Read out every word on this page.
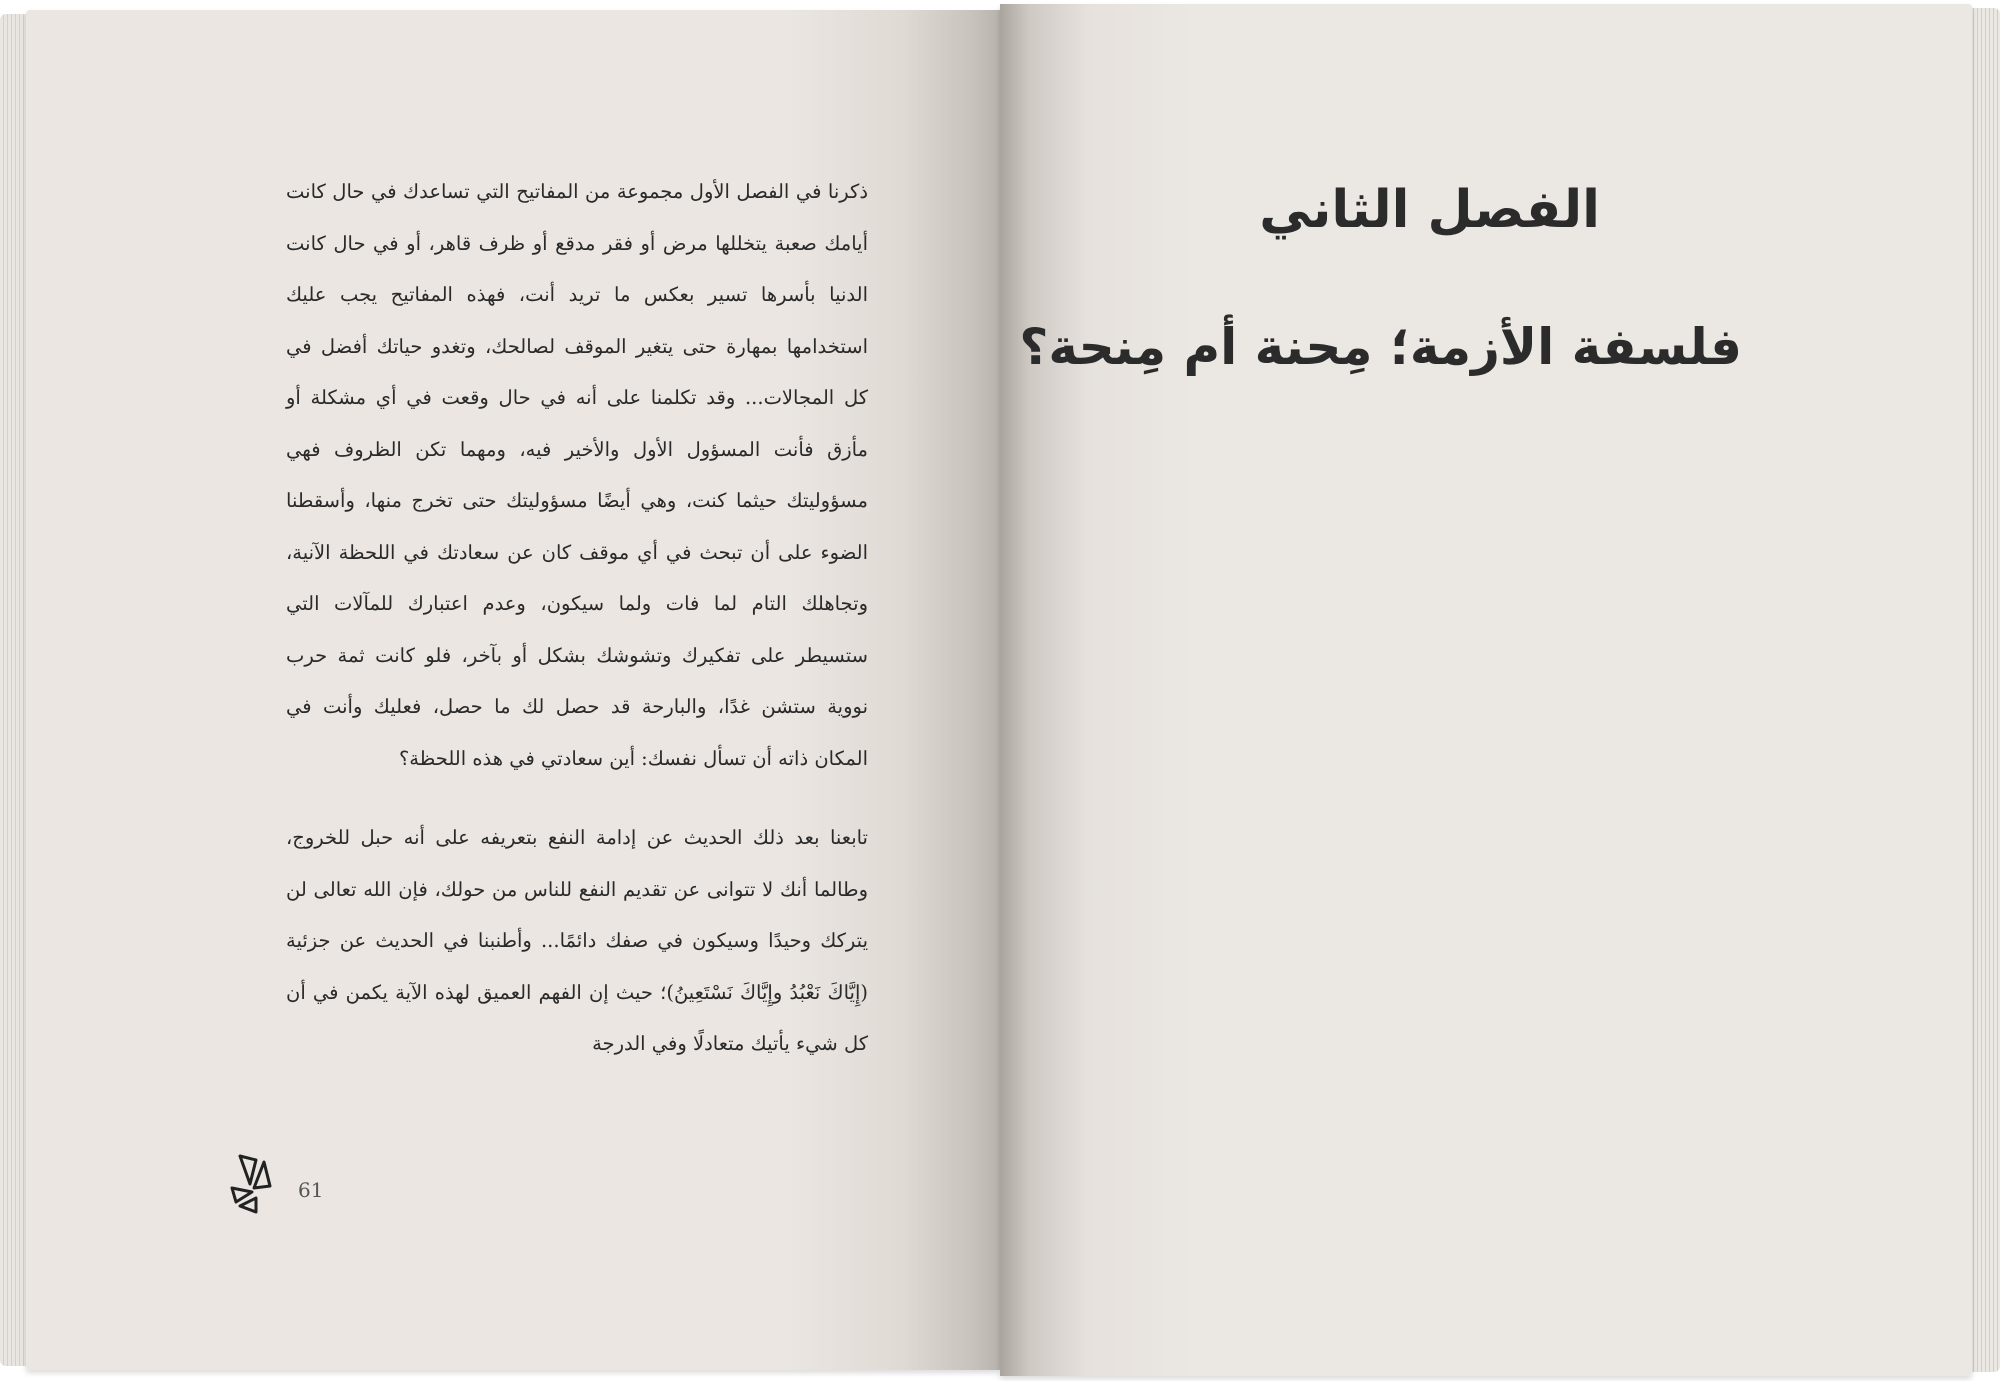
ذكرنا في الفصل الأول مجموعة من المفاتيح التي تساعدك في حال كانت أيامك صعبة يتخللها مرض أو فقر مدقع أو ظرف قاهر، أو في حال كانت الدنيا بأسرها تسير بعكس ما تريد أنت، فهذه المفاتيح يجب عليك استخدامها بمهارة حتى يتغير الموقف لصالحك، وتغدو حياتك أفضل في كل المجالات... وقد تكلمنا على أنه في حال وقعت في أي مشكلة أو مأزق فأنت المسؤول الأول والأخير فيه، ومهما تكن الظروف فهي مسؤوليتك حيثما كنت، وهي أيضًا مسؤوليتك حتى تخرج منها، وأسقطنا الضوء على أن تبحث في أي موقف كان عن سعادتك في اللحظة الآنية، وتجاهلك التام لما فات ولما سيكون، وعدم اعتبارك للمآلات التي ستسيطر على تفكيرك وتشوشك بشكل أو بآخر، فلو كانت ثمة حرب نووية ستشن غدًا، والبارحة قد حصل لك ما حصل، فعليك وأنت في المكان ذاته أن تسأل نفسك: أين سعادتي في هذه اللحظة؟

تابعنا بعد ذلك الحديث عن إدامة النفع بتعريفه على أنه حبل للخروج، وطالما أنك لا تتوانى عن تقديم النفع للناس من حولك، فإن الله تعالى لن يتركك وحيدًا وسيكون في صفك دائمًا... وأطنبنا في الحديث عن جزئية (إِيَّاكَ نَعْبُدُ وإِيَّاكَ نَسْتَعِينُ)؛ حيث إن الفهم العميق لهذه الآية يكمن في أن كل شيء يأتيك متعادلًا وفي الدرجة

61
الفصل الثاني
فلسفة الأزمة؛ مِحنة أم مِنحة؟
